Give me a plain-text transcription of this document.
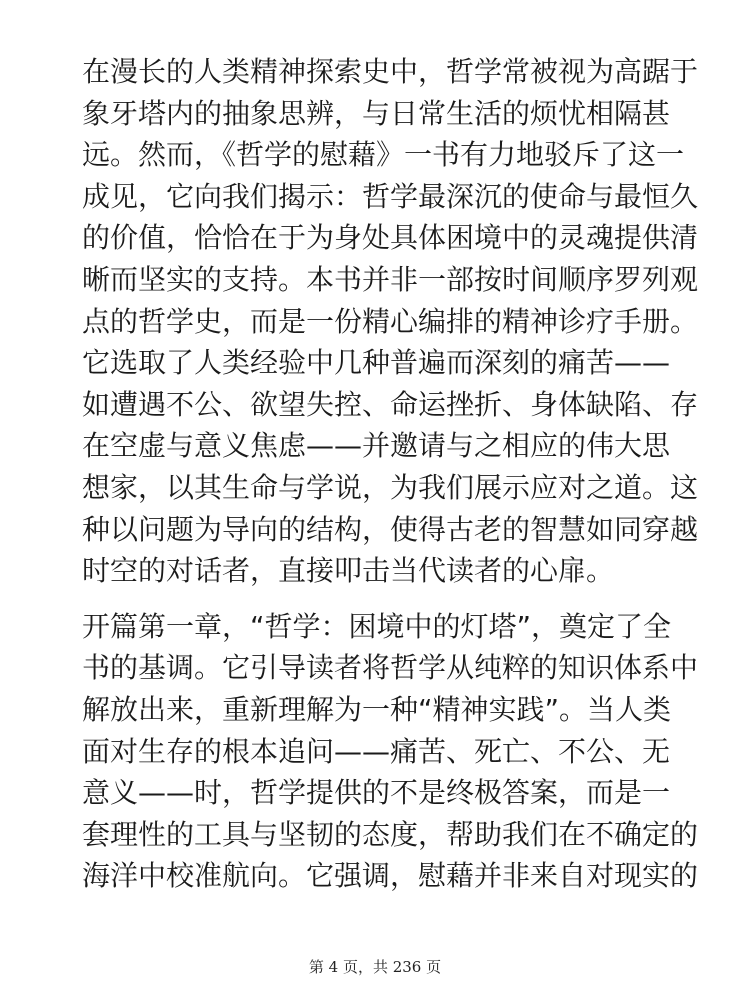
在漫长的人类精神探索史中，哲学常被视为高踞于
象牙塔内的抽象思辨，与日常生活的烦忧相隔甚
远。然而，《哲学的慰藉》一书有力地驳斥了这一
成见，它向我们揭示：哲学最深沉的使命与最恒久
的价值，恰恰在于为身处具体困境中的灵魂提供清
晰而坚实的支持。本书并非一部按时间顺序罗列观
点的哲学史，而是一份精心编排的精神诊疗手册。
它选取了人类经验中几种普遍而深刻的痛苦——
如遭遇不公、欲望失控、命运挫折、身体缺陷、存
在空虚与意义焦虑——并邀请与之相应的伟大思
想家，以其生命与学说，为我们展示应对之道。这
种以问题为导向的结构，使得古老的智慧如同穿越
时空的对话者，直接叩击当代读者的心扉。
开篇第一章，“哲学：困境中的灯塔”，奠定了全
书的基调。它引导读者将哲学从纯粹的知识体系中
解放出来，重新理解为一种“精神实践”。当人类
面对生存的根本追问——痛苦、死亡、不公、无
意义——时，哲学提供的不是终极答案，而是一
套理性的工具与坚韧的态度，帮助我们在不确定的
海洋中校准航向。它强调，慰藉并非来自对现实的
第 4 页，共 236 页
